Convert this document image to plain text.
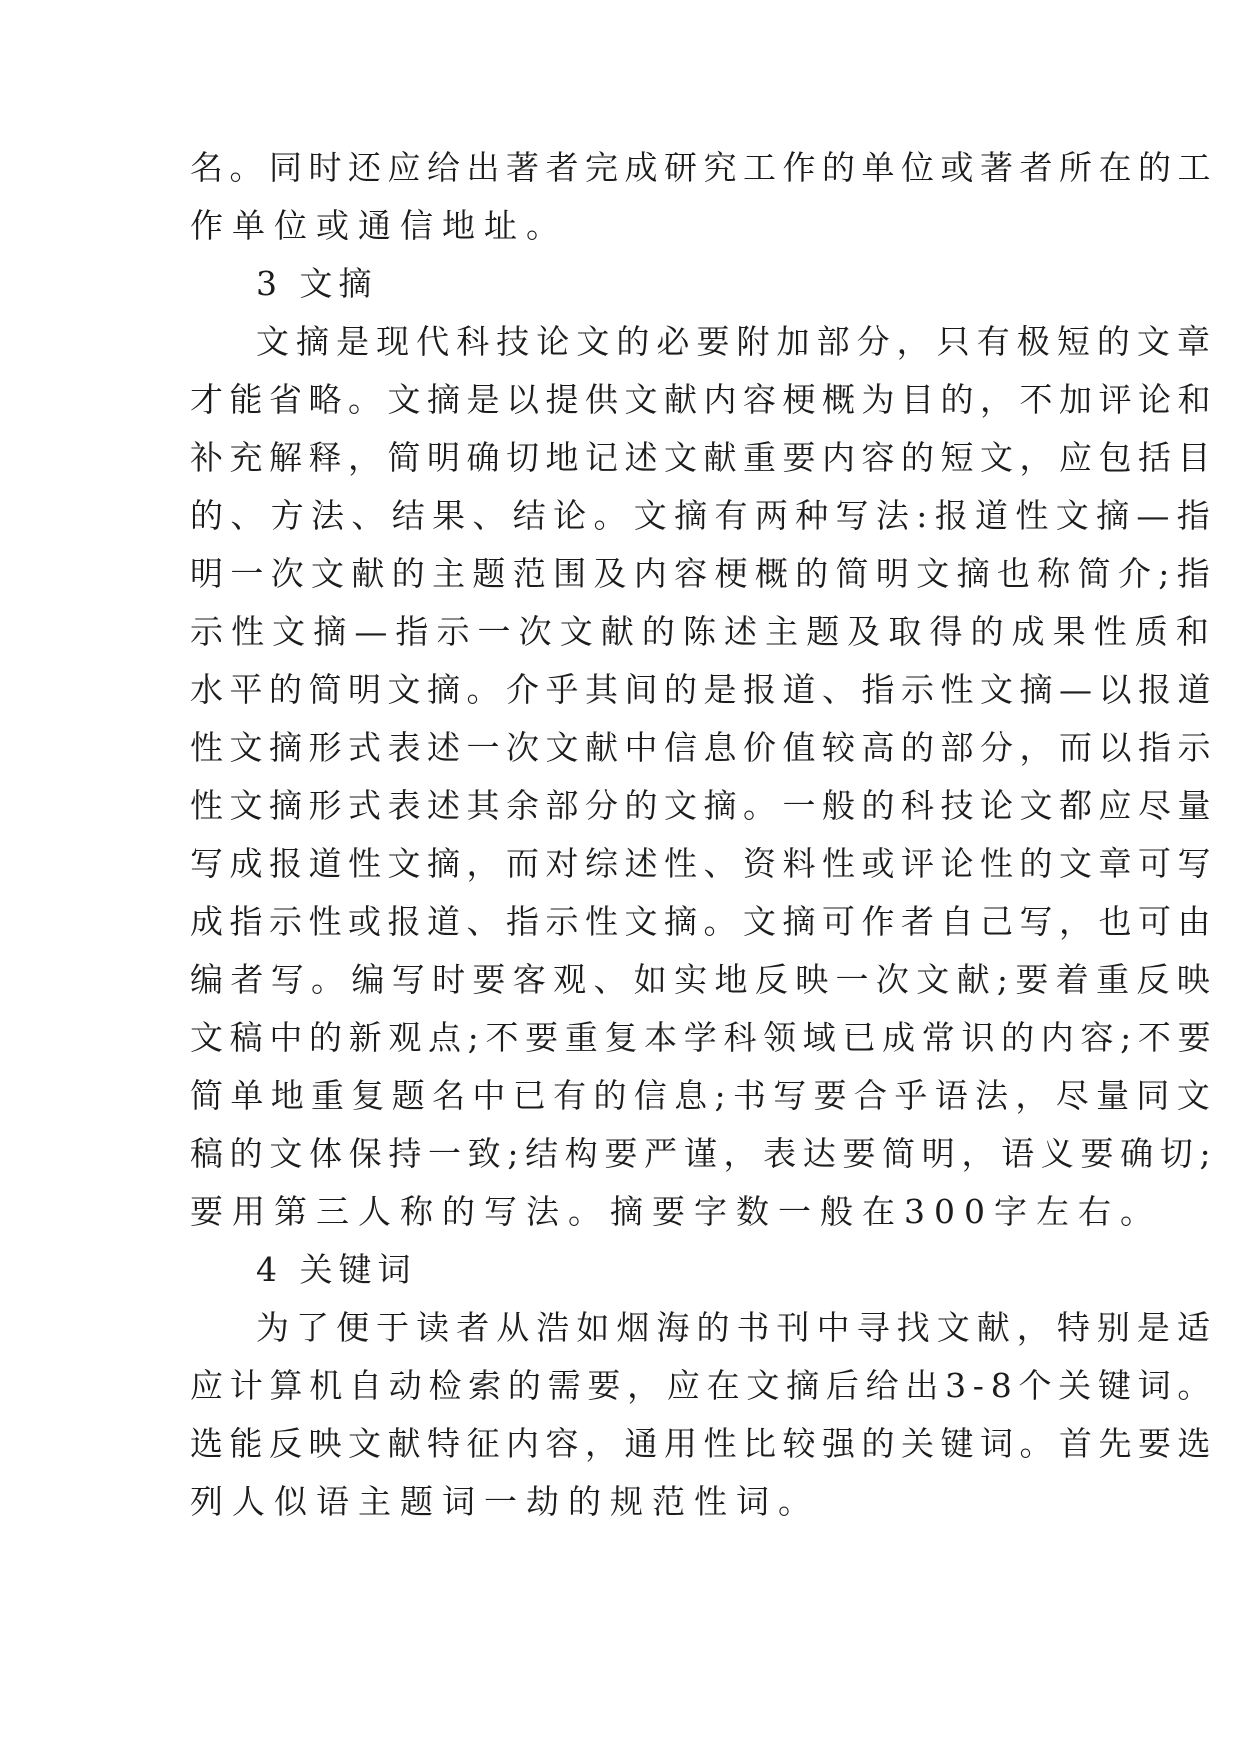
名。同时还应给出著者完成研究工作的单位或著者所在的工
作单位或通信地址。
3 文摘
文摘是现代科技论文的必要附加部分，只有极短的文章
才能省略。文摘是以提供文献内容梗概为目的，不加评论和
补充解释，简明确切地记述文献重要内容的短文，应包括目
的、方法、结果、结论。文摘有两种写法:报道性文摘—指
明一次文献的主题范围及内容梗概的简明文摘也称简介;指
示性文摘—指示一次文献的陈述主题及取得的成果性质和
水平的简明文摘。介乎其间的是报道、指示性文摘—以报道
性文摘形式表述一次文献中信息价值较高的部分，而以指示
性文摘形式表述其余部分的文摘。一般的科技论文都应尽量
写成报道性文摘，而对综述性、资料性或评论性的文章可写
成指示性或报道、指示性文摘。文摘可作者自己写，也可由
编者写。编写时要客观、如实地反映一次文献;要着重反映
文稿中的新观点;不要重复本学科领域已成常识的内容;不要
简单地重复题名中已有的信息;书写要合乎语法，尽量同文
稿的文体保持一致;结构要严谨，表达要简明，语义要确切;
要用第三人称的写法。摘要字数一般在300字左右。
4 关键词
为了便于读者从浩如烟海的书刊中寻找文献，特别是适
应计算机自动检索的需要，应在文摘后给出3-8个关键词。
选能反映文献特征内容，通用性比较强的关键词。首先要选
列人似语主题词一劫的规范性词。
